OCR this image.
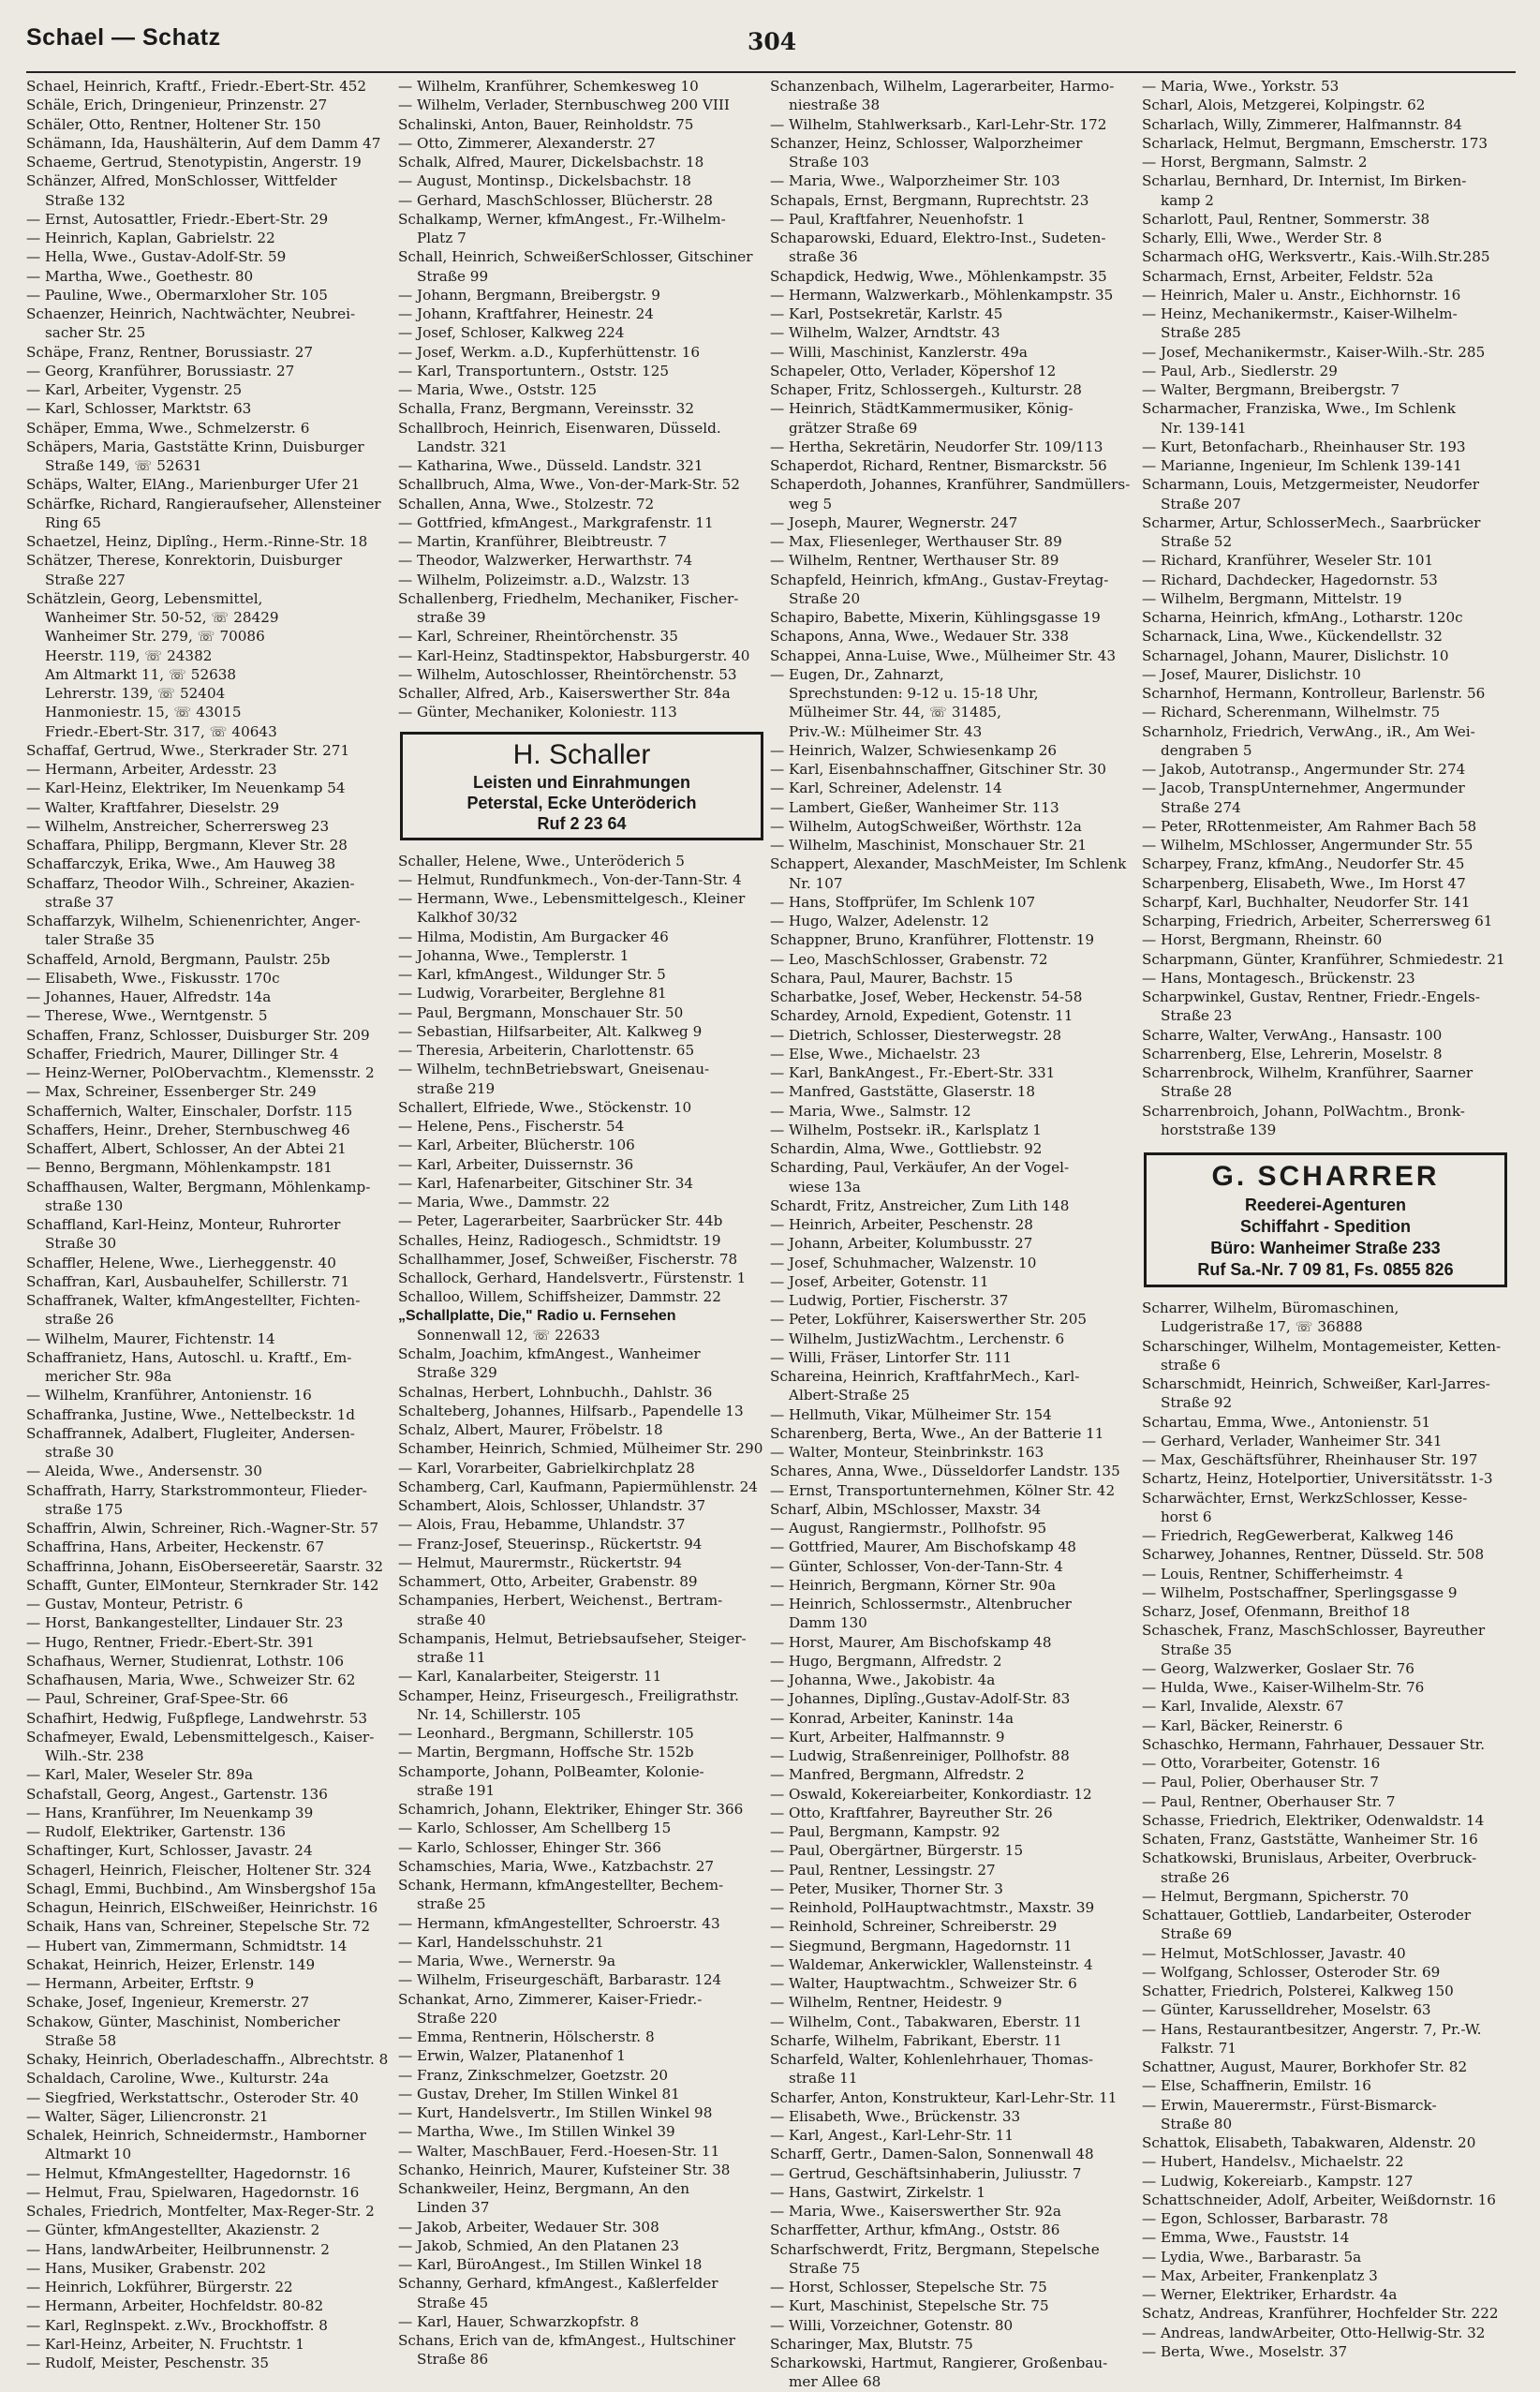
Schael — Schatz	304
Schael, Heinrich, Kraftf., Friedr.-Ebert-Str. 452
Schäle, Erich, Dringenieur, Prinzenstr. 27
Schäler, Otto, Rentner, Holtener Str. 150
Schämann, Ida, Haushälterin, Auf dem Damm 47
Schaeme, Gertrud, Stenotypistin, Angerstr. 19
Schänzer, Alfred, MonSchlosser, Wittfelder
Straße 132
— Ernst, Autosattler, Friedr.-Ebert-Str. 29
— Heinrich, Kaplan, Gabrielstr. 22
— Hella, Wwe., Gustav-Adolf-Str. 59
— Martha, Wwe., Goethestr. 80
— Pauline, Wwe., Obermarxloher Str. 105
Schaenzer, Heinrich, Nachtwächter, Neubrei-
sacher Str. 25
Schäpe, Franz, Rentner, Borussiastr. 27
— Georg, Kranführer, Borussiastr. 27
— Karl, Arbeiter, Vygenstr. 25
— Karl, Schlosser, Marktstr. 63
Schäper, Emma, Wwe., Schmelzerstr. 6
Schäpers, Maria, Gaststätte Krinn, Duisburger
Straße 149, ☏ 52631
Schäps, Walter, ElAng., Marienburger Ufer 21
Schärfke, Richard, Rangieraufseher, Allensteiner
Ring 65
Schaetzel, Heinz, Diplîng., Herm.-Rinne-Str. 18
Schätzer, Therese, Konrektorin, Duisburger
Straße 227
Schätzlein, Georg, Lebensmittel,
Wanheimer Str. 50-52, ☏ 28429
Wanheimer Str. 279, ☏ 70086
Heerstr. 119, ☏ 24382
Am Altmarkt 11, ☏ 52638
Lehrerstr. 139, ☏ 52404
Hanmoniestr. 15, ☏ 43015
Friedr.-Ebert-Str. 317, ☏ 40643
Schaffaf, Gertrud, Wwe., Sterkrader Str. 271
— Hermann, Arbeiter, Ardesstr. 23
— Karl-Heinz, Elektriker, Im Neuenkamp 54
— Walter, Kraftfahrer, Dieselstr. 29
— Wilhelm, Anstreicher, Scherrersweg 23
Schaffara, Philipp, Bergmann, Klever Str. 28
Schaffarczyk, Erika, Wwe., Am Hauweg 38
Schaffarz, Theodor Wilh., Schreiner, Akazien-
straße 37
Schaffarzyk, Wilhelm, Schienenrichter, Anger-
taler Straße 35
Schaffeld, Arnold, Bergmann, Paulstr. 25b
— Elisabeth, Wwe., Fiskusstr. 170c
— Johannes, Hauer, Alfredstr. 14a
— Therese, Wwe., Werntgenstr. 5
Schaffen, Franz, Schlosser, Duisburger Str. 209
Schaffer, Friedrich, Maurer, Dillinger Str. 4
— Heinz-Werner, PolObervachtm., Klemensstr. 2
— Max, Schreiner, Essenberger Str. 249
Schaffernich, Walter, Einschaler, Dorfstr. 115
Schaffers, Heinr., Dreher, Sternbuschweg 46
Schaffert, Albert, Schlosser, An der Abtei 21
— Benno, Bergmann, Möhlenkampstr. 181
Schaffhausen, Walter, Bergmann, Möhlenkamp-
straße 130
Schaffland, Karl-Heinz, Monteur, Ruhrorter
Straße 30
Schaffler, Helene, Wwe., Lierheggenstr. 40
Schaffran, Karl, Ausbauhelfer, Schillerstr. 71
Schaffranek, Walter, kfmAngestellter, Fichten-
straße 26
— Wilhelm, Maurer, Fichtenstr. 14
Schaffranietz, Hans, Autoschl. u. Kraftf., Em-
mericher Str. 98a
— Wilhelm, Kranführer, Antonienstr. 16
Schaffranka, Justine, Wwe., Nettelbeckstr. 1d
Schaffrannek, Adalbert, Flugleiter, Andersen-
straße 30
— Aleida, Wwe., Andersenstr. 30
Schaffrath, Harry, Starkstrommonteur, Flieder-
straße 175
Schaffrin, Alwin, Schreiner, Rich.-Wagner-Str. 57
Schaffrina, Hans, Arbeiter, Heckenstr. 67
Schaffrinna, Johann, EisOberseeretär, Saarstr. 32
Schafft, Gunter, ElMonteur, Sternkrader Str. 142
— Gustav, Monteur, Petristr. 6
— Horst, Bankangestellter, Lindauer Str. 23
— Hugo, Rentner, Friedr.-Ebert-Str. 391
Schafhaus, Werner, Studienrat, Lothstr. 106
Schafhausen, Maria, Wwe., Schweizer Str. 62
— Paul, Schreiner, Graf-Spee-Str. 66
Schafhirt, Hedwig, Fußpflege, Landwehrstr. 53
Schafmeyer, Ewald, Lebensmittelgesch., Kaiser-
Wilh.-Str. 238
— Karl, Maler, Weseler Str. 89a
Schafstall, Georg, Angest., Gartenstr. 136
— Hans, Kranführer, Im Neuenkamp 39
— Rudolf, Elektriker, Gartenstr. 136
Schaftinger, Kurt, Schlosser, Javastr. 24
Schagerl, Heinrich, Fleischer, Holtener Str. 324
Schagl, Emmi, Buchbind., Am Winsbergshof 15a
Schagun, Heinrich, ElSchweißer, Heinrichstr. 16
Schaik, Hans van, Schreiner, Stepelsche Str. 72
— Hubert van, Zimmermann, Schmidtstr. 14
Schakat, Heinrich, Heizer, Erlenstr. 149
— Hermann, Arbeiter, Erftstr. 9
Schake, Josef, Ingenieur, Kremerstr. 27
Schakow, Günter, Maschinist, Nombericher
Straße 58
Schaky, Heinrich, Oberladeschaffn., Albrechtstr. 8
Schaldach, Caroline, Wwe., Kulturstr. 24a
— Siegfried, Werkstattschr., Osteroder Str. 40
— Walter, Säger, Liliencronstr. 21
Schalek, Heinrich, Schneidermstr., Hamborner
Altmarkt 10
— Helmut, KfmAngestellter, Hagedornstr. 16
— Helmut, Frau, Spielwaren, Hagedornstr. 16
Schales, Friedrich, Montfelter, Max-Reger-Str. 2
— Günter, kfmAngestellter, Akazienstr. 2
— Hans, landwArbeiter, Heilbrunnenstr. 2
— Hans, Musiker, Grabenstr. 202
— Heinrich, Lokführer, Bürgerstr. 22
— Hermann, Arbeiter, Hochfeldstr. 80-82
— Karl, Reglnspekt. z.Wv., Brockhoffstr. 8
— Karl-Heinz, Arbeiter, N. Fruchtstr. 1
— Rudolf, Meister, Peschenstr. 35
— Wilhelm, Kranführer, Schemkesweg 10
— Wilhelm, Verlader, Sternbuschweg 200 VIII
Schalinski, Anton, Bauer, Reinholdstr. 75
— Otto, Zimmerer, Alexanderstr. 27
Schalk, Alfred, Maurer, Dickelsbachstr. 18
— August, Montinsp., Dickelsbachstr. 18
— Gerhard, MaschSchlosser, Blücherstr. 28
Schalkamp, Werner, kfmAngest., Fr.-Wilhelm-
Platz 7
Schall, Heinrich, SchweißerSchlosser, Gitschiner
Straße 99
— Johann, Bergmann, Breibergstr. 9
— Johann, Kraftfahrer, Heinestr. 24
— Josef, Schloser, Kalkweg 224
— Josef, Werkm. a.D., Kupferhüttenstr. 16
— Karl, Transportuntern., Oststr. 125
— Maria, Wwe., Oststr. 125
Schalla, Franz, Bergmann, Vereinsstr. 32
Schallbroch, Heinrich, Eisenwaren, Düsseld.
Landstr. 321
— Katharina, Wwe., Düsseld. Landstr. 321
Schallbruch, Alma, Wwe., Von-der-Mark-Str. 52
Schallen, Anna, Wwe., Stolzestr. 72
— Gottfried, kfmAngest., Markgrafenstr. 11
— Martin, Kranführer, Bleibtreustr. 7
— Theodor, Walzwerker, Herwarthstr. 74
— Wilhelm, Polizeimstr. a.D., Walzstr. 13
Schallenberg, Friedhelm, Mechaniker, Fischer-
straße 39
— Karl, Schreiner, Rheintörchenstr. 35
— Karl-Heinz, Stadtinspektor, Habsburgerstr. 40
— Wilhelm, Autoschlosser, Rheintörchenstr. 53
Schaller, Alfred, Arb., Kaiserswerther Str. 84a
— Günter, Mechaniker, Koloniestr. 113
H. Schaller
Leisten und Einrahmungen
Peterstal, Ecke Unteröderich
Ruf 2 23 64
Schaller, Helene, Wwe., Unteröderich 5
— Helmut, Rundfunkmech., Von-der-Tann-Str. 4
— Hermann, Wwe., Lebensmittelgesch., Kleiner
Kalkhof 30/32
— Hilma, Modistin, Am Burgacker 46
— Johanna, Wwe., Templerstr. 1
— Karl, kfmAngest., Wildunger Str. 5
— Ludwig, Vorarbeiter, Berglehne 81
— Paul, Bergmann, Monschauer Str. 50
— Sebastian, Hilfsarbeiter, Alt. Kalkweg 9
— Theresia, Arbeiterin, Charlottenstr. 65
— Wilhelm, technBetriebswart, Gneisenau-
straße 219
Schallert, Elfriede, Wwe., Stöckenstr. 10
— Helene, Pens., Fischerstr. 54
— Karl, Arbeiter, Blücherstr. 106
— Karl, Arbeiter, Duissernstr. 36
— Karl, Hafenarbeiter, Gitschiner Str. 34
— Maria, Wwe., Dammstr. 22
— Peter, Lagerarbeiter, Saarbrücker Str. 44b
Schalles, Heinz, Radiogesch., Schmidtstr. 19
Schallhammer, Josef, Schweißer, Fischerstr. 78
Schallock, Gerhard, Handelsvertr., Fürstenstr. 1
Schalloo, Willem, Schiffsheizer, Dammstr. 22
„Schallplatte, Die," Radio u. Fernsehen
Sonnenwall 12, ☏ 22633
Schalm, Joachim, kfmAngest., Wanheimer
Straße 329
Schalnas, Herbert, Lohnbuchh., Dahlstr. 36
Schalteberg, Johannes, Hilfsarb., Papendelle 13
Schalz, Albert, Maurer, Fröbelstr. 18
Schamber, Heinrich, Schmied, Mülheimer Str. 290
— Karl, Vorarbeiter, Gabrielkirchplatz 28
Schamberg, Carl, Kaufmann, Papiermühlenstr. 24
Schambert, Alois, Schlosser, Uhlandstr. 37
— Alois, Frau, Hebamme, Uhlandstr. 37
— Franz-Josef, Steuerinsp., Rückertstr. 94
— Helmut, Maurermstr., Rückertstr. 94
Schammert, Otto, Arbeiter, Grabenstr. 89
Schampanies, Herbert, Weichenst., Bertram-
straße 40
Schampanis, Helmut, Betriebsaufseher, Steiger-
straße 11
— Karl, Kanalarbeiter, Steigerstr. 11
Schamper, Heinz, Friseurgesch., Freiligrathstr.
Nr. 14, Schillerstr. 105
— Leonhard., Bergmann, Schillerstr. 105
— Martin, Bergmann, Hoffsche Str. 152b
Schamporte, Johann, PolBeamter, Kolonie-
straße 191
Schamrich, Johann, Elektriker, Ehinger Str. 366
— Karlo, Schlosser, Am Schellberg 15
— Karlo, Schlosser, Ehinger Str. 366
Schamschies, Maria, Wwe., Katzbachstr. 27
Schank, Hermann, kfmAngestellter, Bechem-
straße 25
— Hermann, kfmAngestellter, Schroerstr. 43
— Karl, Handelsschuhstr. 21
— Maria, Wwe., Wernerstr. 9a
— Wilhelm, Friseurgeschäft, Barbarastr. 124
Schankat, Arno, Zimmerer, Kaiser-Friedr.-
Straße 220
— Emma, Rentnerin, Hölscherstr. 8
— Erwin, Walzer, Platanenhof 1
— Franz, Zinkschmelzer, Goetzstr. 20
— Gustav, Dreher, Im Stillen Winkel 81
— Kurt, Handelsvertr., Im Stillen Winkel 98
— Martha, Wwe., Im Stillen Winkel 39
— Walter, MaschBauer, Ferd.-Hoesen-Str. 11
Schanko, Heinrich, Maurer, Kufsteiner Str. 38
Schankweiler, Heinz, Bergmann, An den
Linden 37
— Jakob, Arbeiter, Wedauer Str. 308
— Jakob, Schmied, An den Platanen 23
— Karl, BüroAngest., Im Stillen Winkel 18
Schanny, Gerhard, kfmAngest., Kaßlerfelder
Straße 45
— Karl, Hauer, Schwarzkopfstr. 8
Schans, Erich van de, kfmAngest., Hultschiner
Straße 86
Schanzenbach, Wilhelm, Lagerarbeiter, Harmo-
niestraße 38
— Wilhelm, Stahlwerksarb., Karl-Lehr-Str. 172
Schanzer, Heinz, Schlosser, Walporzheimer
Straße 103
— Maria, Wwe., Walporzheimer Str. 103
Schapals, Ernst, Bergmann, Ruprechtstr. 23
— Paul, Kraftfahrer, Neuenhofstr. 1
Schaparowski, Eduard, Elektro-Inst., Sudeten-
straße 36
Schapdick, Hedwig, Wwe., Möhlenkampstr. 35
— Hermann, Walzwerkarb., Möhlenkampstr. 35
— Karl, Postsekretär, Karlstr. 45
— Wilhelm, Walzer, Arndtstr. 43
— Willi, Maschinist, Kanzlerstr. 49a
Schapeler, Otto, Verlader, Köpershof 12
Schaper, Fritz, Schlossergeh., Kulturstr. 28
— Heinrich, StädtKammermusiker, König-
grätzer Straße 69
— Hertha, Sekretärin, Neudorfer Str. 109/113
Schaperdot, Richard, Rentner, Bismarckstr. 56
Schaperdoth, Johannes, Kranführer, Sandmüllers-
weg 5
— Joseph, Maurer, Wegnerstr. 247
— Max, Fliesenleger, Werthauser Str. 89
— Wilhelm, Rentner, Werthauser Str. 89
Schapfeld, Heinrich, kfmAng., Gustav-Freytag-
Straße 20
Schapiro, Babette, Mixerin, Kühlingsgasse 19
Schapons, Anna, Wwe., Wedauer Str. 338
Schappei, Anna-Luise, Wwe., Mülheimer Str. 43
— Eugen, Dr., Zahnarzt,
Sprechstunden: 9-12 u. 15-18 Uhr,
Mülheimer Str. 44, ☏ 31485,
Priv.-W.: Mülheimer Str. 43
— Heinrich, Walzer, Schwiesenkamp 26
— Karl, Eisenbahnschaffner, Gitschiner Str. 30
— Karl, Schreiner, Adelenstr. 14
— Lambert, Gießer, Wanheimer Str. 113
— Wilhelm, AutogSchweißer, Wörthstr. 12a
— Wilhelm, Maschinist, Monschauer Str. 21
Schappert, Alexander, MaschMeister, Im Schlenk
Nr. 107
— Hans, Stoffprüfer, Im Schlenk 107
— Hugo, Walzer, Adelenstr. 12
Schappner, Bruno, Kranführer, Flottenstr. 19
— Leo, MaschSchlosser, Grabenstr. 72
Schara, Paul, Maurer, Bachstr. 15
Scharbatke, Josef, Weber, Heckenstr. 54-58
Schardey, Arnold, Expedient, Gotenstr. 11
— Dietrich, Schlosser, Diesterwegstr. 28
— Else, Wwe., Michaelstr. 23
— Karl, BankAngest., Fr.-Ebert-Str. 331
— Manfred, Gaststätte, Glaserstr. 18
— Maria, Wwe., Salmstr. 12
— Wilhelm, Postsekr. iR., Karlsplatz 1
Schardin, Alma, Wwe., Gottliebstr. 92
Scharding, Paul, Verkäufer, An der Vogel-
wiese 13a
Schardt, Fritz, Anstreicher, Zum Lith 148
— Heinrich, Arbeiter, Peschenstr. 28
— Johann, Arbeiter, Kolumbusstr. 27
— Josef, Schuhmacher, Walzenstr. 10
— Josef, Arbeiter, Gotenstr. 11
— Ludwig, Portier, Fischerstr. 37
— Peter, Lokführer, Kaiserswerther Str. 205
— Wilhelm, JustizWachtm., Lerchenstr. 6
— Willi, Fräser, Lintorfer Str. 111
Schareina, Heinrich, KraftfahrMech., Karl-
Albert-Straße 25
— Hellmuth, Vikar, Mülheimer Str. 154
Scharenberg, Berta, Wwe., An der Batterie 11
— Walter, Monteur, Steinbrinkstr. 163
Schares, Anna, Wwe., Düsseldorfer Landstr. 135
— Ernst, Transportunternehmen, Kölner Str. 42
Scharf, Albin, MSchlosser, Maxstr. 34
— August, Rangiermstr., Pollhofstr. 95
— Gottfried, Maurer, Am Bischofskamp 48
— Günter, Schlosser, Von-der-Tann-Str. 4
— Heinrich, Bergmann, Körner Str. 90a
— Heinrich, Schlossermstr., Altenbrucher
Damm 130
— Horst, Maurer, Am Bischofskamp 48
— Hugo, Bergmann, Alfredstr. 2
— Johanna, Wwe., Jakobistr. 4a
— Johannes, Diplîng.,Gustav-Adolf-Str. 83
— Konrad, Arbeiter, Kaninstr. 14a
— Kurt, Arbeiter, Halfmannstr. 9
— Ludwig, Straßenreiniger, Pollhofstr. 88
— Manfred, Bergmann, Alfredstr. 2
— Oswald, Kokereiarbeiter, Konkordiastr. 12
— Otto, Kraftfahrer, Bayreuther Str. 26
— Paul, Bergmann, Kampstr. 92
— Paul, Obergärtner, Bürgerstr. 15
— Paul, Rentner, Lessingstr. 27
— Peter, Musiker, Thorner Str. 3
— Reinhold, PolHauptwachtmstr., Maxstr. 39
— Reinhold, Schreiner, Schreiberstr. 29
— Siegmund, Bergmann, Hagedornstr. 11
— Waldemar, Ankerwickler, Wallensteinstr. 4
— Walter, Hauptwachtm., Schweizer Str. 6
— Wilhelm, Rentner, Heidestr. 9
— Wilhelm, Cont., Tabakwaren, Eberstr. 11
Scharfe, Wilhelm, Fabrikant, Eberstr. 11
Scharfeld, Walter, Kohlenlehrhauer, Thomas-
straße 11
Scharfer, Anton, Konstrukteur, Karl-Lehr-Str. 11
— Elisabeth, Wwe., Brückenstr. 33
— Karl, Angest., Karl-Lehr-Str. 11
Scharff, Gertr., Damen-Salon, Sonnenwall 48
— Gertrud, Geschäftsinhaberin, Juliusstr. 7
— Hans, Gastwirt, Zirkelstr. 1
— Maria, Wwe., Kaiserswerther Str. 92a
Scharffetter, Arthur, kfmAng., Oststr. 86
Scharfschwerdt, Fritz, Bergmann, Stepelsche
Straße 75
— Horst, Schlosser, Stepelsche Str. 75
— Kurt, Maschinist, Stepelsche Str. 75
— Willi, Vorzeichner, Gotenstr. 80
Scharinger, Max, Blutstr. 75
Scharkowski, Hartmut, Rangierer, Großenbau-
mer Allee 68
— Maria, Wwe., Yorkstr. 53
Scharl, Alois, Metzgerei, Kolpingstr. 62
Scharlach, Willy, Zimmerer, Halfmannstr. 84
Scharlack, Helmut, Bergmann, Emscherstr. 173
— Horst, Bergmann, Salmstr. 2
Scharlau, Bernhard, Dr. Internist, Im Birken-
kamp 2
Scharlott, Paul, Rentner, Sommerstr. 38
Scharly, Elli, Wwe., Werder Str. 8
Scharmach oHG, Werksvertr., Kais.-Wilh.Str.285
Scharmach, Ernst, Arbeiter, Feldstr. 52a
— Heinrich, Maler u. Anstr., Eichhornstr. 16
— Heinz, Mechanikermstr., Kaiser-Wilhelm-
Straße 285
— Josef, Mechanikermstr., Kaiser-Wilh.-Str. 285
— Paul, Arb., Siedlerstr. 29
— Walter, Bergmann, Breibergstr. 7
Scharmacher, Franziska, Wwe., Im Schlenk
Nr. 139-141
— Kurt, Betonfacharb., Rheinhauser Str. 193
— Marianne, Ingenieur, Im Schlenk 139-141
Scharmann, Louis, Metzgermeister, Neudorfer
Straße 207
Scharmer, Artur, SchlosserMech., Saarbrücker
Straße 52
— Richard, Kranführer, Weseler Str. 101
— Richard, Dachdecker, Hagedornstr. 53
— Wilhelm, Bergmann, Mittelstr. 19
Scharna, Heinrich, kfmAng., Lotharstr. 120c
Scharnack, Lina, Wwe., Kückendellstr. 32
Scharnagel, Johann, Maurer, Dislichstr. 10
— Josef, Maurer, Dislichstr. 10
Scharnhof, Hermann, Kontrolleur, Barlenstr. 56
— Richard, Scherenmann, Wilhelmstr. 75
Scharnholz, Friedrich, VerwAng., iR., Am Wei-
dengraben 5
— Jakob, Autotransp., Angermunder Str. 274
— Jacob, TranspUnternehmer, Angermunder
Straße 274
— Peter, RRottenmeister, Am Rahmer Bach 58
— Wilhelm, MSchlosser, Angermunder Str. 55
Scharpey, Franz, kfmAng., Neudorfer Str. 45
Scharpenberg, Elisabeth, Wwe., Im Horst 47
Scharpf, Karl, Buchhalter, Neudorfer Str. 141
Scharping, Friedrich, Arbeiter, Scherrersweg 61
— Horst, Bergmann, Rheinstr. 60
Scharpmann, Günter, Kranführer, Schmiedestr. 21
— Hans, Montagesch., Brückenstr. 23
Scharpwinkel, Gustav, Rentner, Friedr.-Engels-
Straße 23
Scharre, Walter, VerwAng., Hansastr. 100
Scharrenberg, Else, Lehrerin, Moselstr. 8
Scharrenbrock, Wilhelm, Kranführer, Saarner
Straße 28
Scharrenbroich, Johann, PolWachtm., Bronk-
horststraße 139
G. SCHARRER
Reederei-Agenturen
Schiffahrt - Spedition
Büro: Wanheimer Straße 233
Ruf Sa.-Nr. 7 09 81, Fs. 0855 826
Scharrer, Wilhelm, Büromaschinen,
Ludgeristraße 17, ☏ 36888
Scharschinger, Wilhelm, Montagemeister, Ketten-
straße 6
Scharschmidt, Heinrich, Schweißer, Karl-Jarres-
Straße 92
Schartau, Emma, Wwe., Antonienstr. 51
— Gerhard, Verlader, Wanheimer Str. 341
— Max, Geschäftsführer, Rheinhauser Str. 197
Schartz, Heinz, Hotelportier, Universitätsstr. 1-3
Scharwächter, Ernst, WerkzSchlosser, Kesse-
horst 6
— Friedrich, RegGewerberat, Kalkweg 146
Scharwey, Johannes, Rentner, Düsseld. Str. 508
— Louis, Rentner, Schifferheimstr. 4
— Wilhelm, Postschaffner, Sperlingsgasse 9
Scharz, Josef, Ofenmann, Breithof 18
Schaschek, Franz, MaschSchlosser, Bayreuther
Straße 35
— Georg, Walzwerker, Goslaer Str. 76
— Hulda, Wwe., Kaiser-Wilhelm-Str. 76
— Karl, Invalide, Alexstr. 67
— Karl, Bäcker, Reinerstr. 6
Schaschko, Hermann, Fahrhauer, Dessauer Str.
— Otto, Vorarbeiter, Gotenstr. 16
— Paul, Polier, Oberhauser Str. 7
— Paul, Rentner, Oberhauser Str. 7
Schasse, Friedrich, Elektriker, Odenwaldstr. 14
Schaten, Franz, Gaststätte, Wanheimer Str. 16
Schatkowski, Brunislaus, Arbeiter, Overbruck-
straße 26
— Helmut, Bergmann, Spicherstr. 70
Schattauer, Gottlieb, Landarbeiter, Osteroder
Straße 69
— Helmut, MotSchlosser, Javastr. 40
— Wolfgang, Schlosser, Osteroder Str. 69
Schatter, Friedrich, Polsterei, Kalkweg 150
— Günter, Karusselldreher, Moselstr. 63
— Hans, Restaurantbesitzer, Angerstr. 7, Pr.-W.
Falkstr. 71
Schattner, August, Maurer, Borkhofer Str. 82
— Else, Schaffnerin, Emilstr. 16
— Erwin, Mauerermstr., Fürst-Bismarck-
Straße 80
Schattok, Elisabeth, Tabakwaren, Aldenstr. 20
— Hubert, Handelsv., Michaelstr. 22
— Ludwig, Kokereiarb., Kampstr. 127
Schattschneider, Adolf, Arbeiter, Weißdornstr. 16
— Egon, Schlosser, Barbarastr. 78
— Emma, Wwe., Fauststr. 14
— Lydia, Wwe., Barbarastr. 5a
— Max, Arbeiter, Frankenplatz 3
— Werner, Elektriker, Erhardstr. 4a
Schatz, Andreas, Kranführer, Hochfelder Str. 222
— Andreas, landwArbeiter, Otto-Hellwig-Str. 32
— Berta, Wwe., Moselstr. 37
